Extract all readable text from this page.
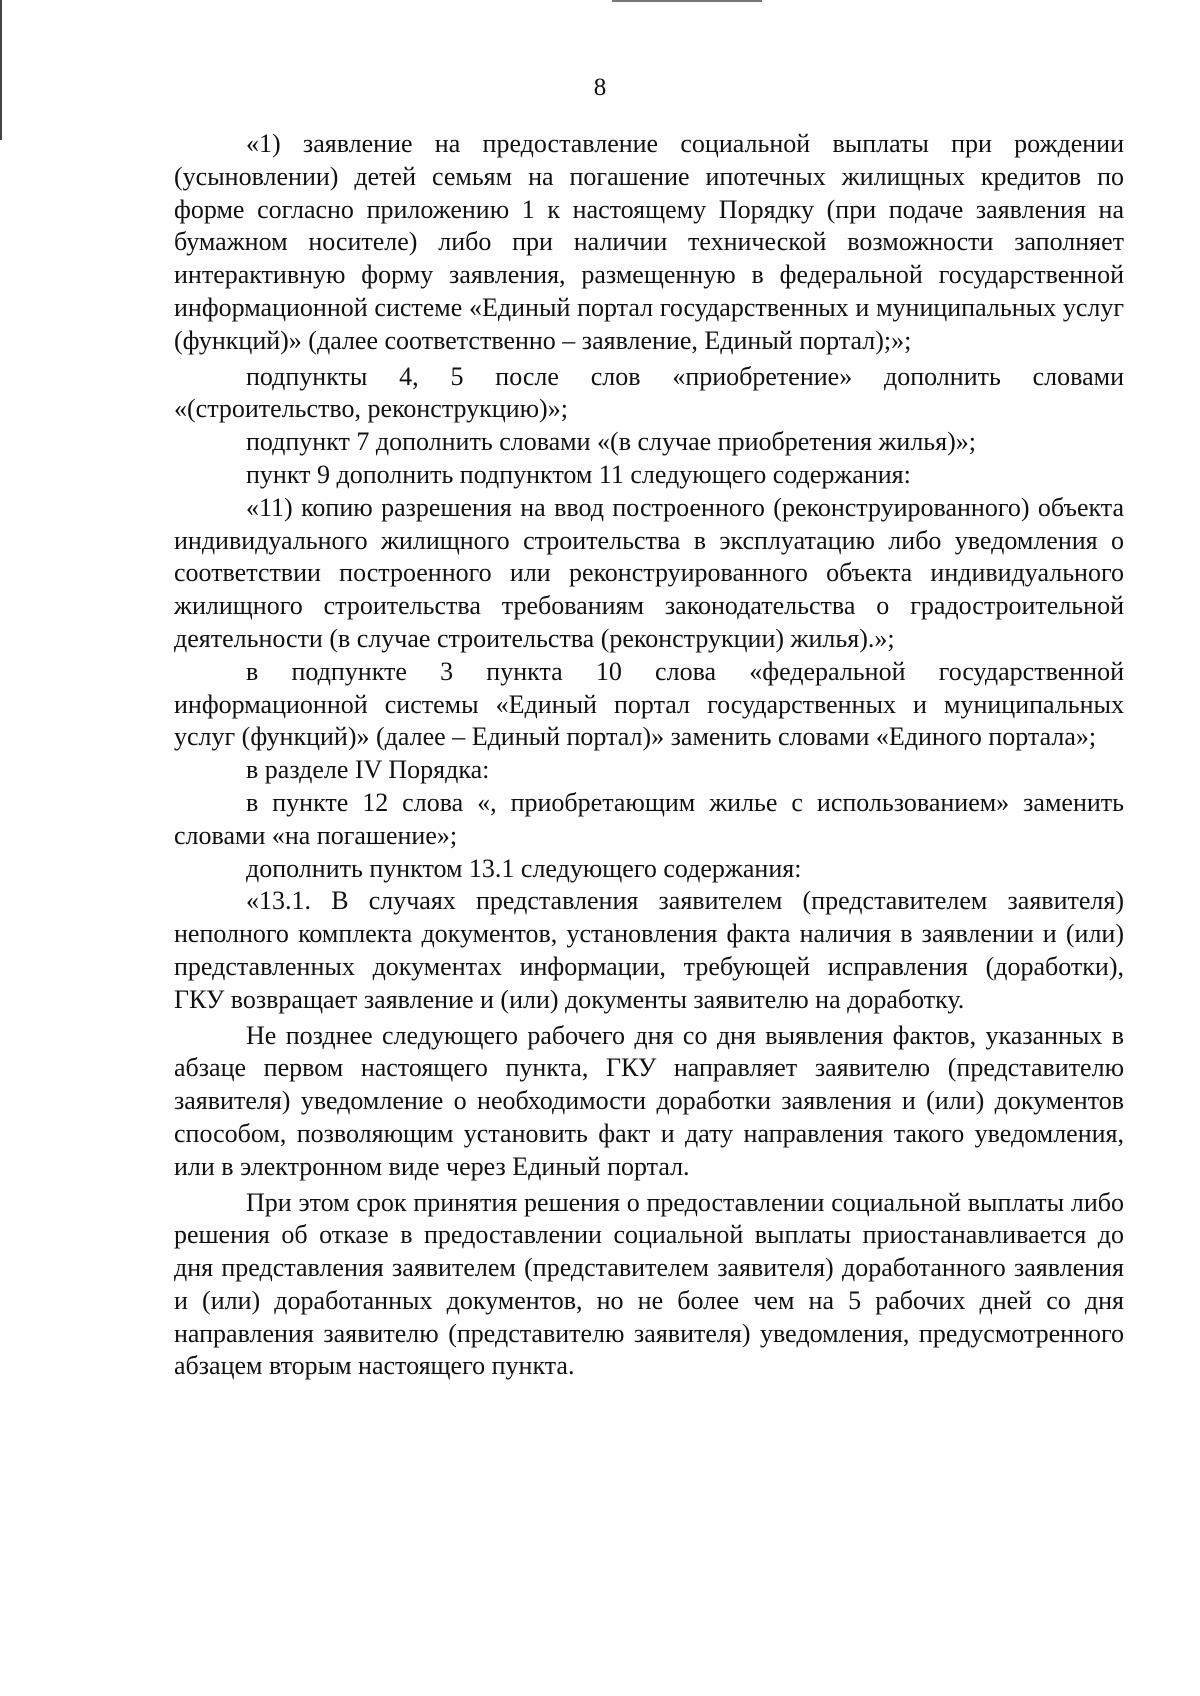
8

«1) заявление на предоставление социальной выплаты при рождении (усыновлении) детей семьям на погашение ипотечных жилищных кредитов по форме согласно приложению 1 к настоящему Порядку (при подаче заявления на бумажном носителе) либо при наличии технической возможности заполняет интерактивную форму заявления, размещенную в федеральной государственной информационной системе «Единый портал государственных и муниципальных услуг (функций)» (далее соответственно – заявление, Единый портал);»;

подпункты 4, 5 после слов «приобретение» дополнить словами «(строительство, реконструкцию)»;

подпункт 7 дополнить словами «(в случае приобретения жилья)»;

пункт 9 дополнить подпунктом 11 следующего содержания:

«11) копию разрешения на ввод построенного (реконструированного) объекта индивидуального жилищного строительства в эксплуатацию либо уведомления о соответствии построенного или реконструированного объекта индивидуального жилищного строительства требованиям законодательства о градостроительной деятельности (в случае строительства (реконструкции) жилья).»;

в подпункте 3 пункта 10 слова «федеральной государственной информационной системы «Единый портал государственных и муниципальных услуг (функций)» (далее – Единый портал)» заменить словами «Единого портала»;

в разделе IV Порядка:

в пункте 12 слова «, приобретающим жилье с использованием» заменить словами «на погашение»;

дополнить пунктом 13.1 следующего содержания:

«13.1. В случаях представления заявителем (представителем заявителя) неполного комплекта документов, установления факта наличия в заявлении и (или) представленных документах информации, требующей исправления (доработки), ГКУ возвращает заявление и (или) документы заявителю на доработку.

Не позднее следующего рабочего дня со дня выявления фактов, указанных в абзаце первом настоящего пункта, ГКУ направляет заявителю (представителю заявителя) уведомление о необходимости доработки заявления и (или) документов способом, позволяющим установить факт и дату направления такого уведомления, или в электронном виде через Единый портал.

При этом срок принятия решения о предоставлении социальной выплаты либо решения об отказе в предоставлении социальной выплаты приостанавливается до дня представления заявителем (представителем заявителя) доработанного заявления и (или) доработанных документов, но не более чем на 5 рабочих дней со дня направления заявителю (представителю заявителя) уведомления, предусмотренного абзацем вторым настоящего пункта.
